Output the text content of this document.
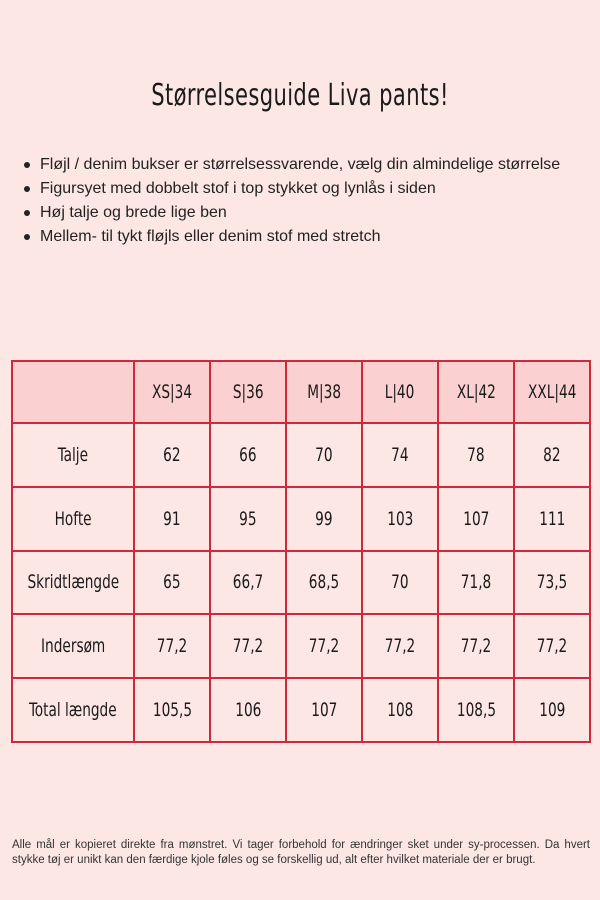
Størrelsesguide Liva pants!
Fløjl / denim bukser er størrelsessvarende, vælg din almindelige størrelse
Figursyet med dobbelt stof i top stykket og lynlås i siden
Høj talje og brede lige ben
Mellem- til tykt fløjls eller denim stof med stretch
	XS|34	S|36	M|38	L|40	XL|42	XXL|44
Talje	62	66	70	74	78	82
Hofte	91	95	99	103	107	111
Skridtlængde	65	66,7	68,5	70	71,8	73,5
Indersøm	77,2	77,2	77,2	77,2	77,2	77,2
Total længde	105,5	106	107	108	108,5	109

Alle mål er kopieret direkte fra mønstret. Vi tager forbehold for ændringer sket under sy-processen. Da hvert stykke tøj er unikt kan den færdige kjole føles og se forskellig ud, alt efter hvilket materiale der er brugt.
